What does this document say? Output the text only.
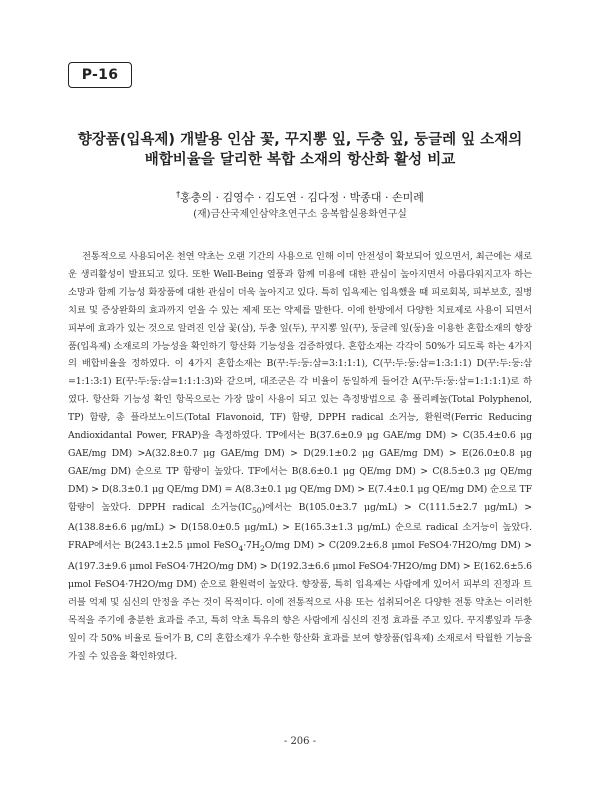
P-16
향장품(입욕제) 개발용 인삼 꽃, 꾸지뽕 잎, 두충 잎, 둥글레 잎 소재의
배합비율을 달리한 복합 소재의 항산화 활성 비교
†홍충의 · 김영수 · 김도연 · 김다정 · 박종대 · 손미례
(재)금산국제인삼약초연구소 응복합실용화연구실
전통적으로 사용되어온 천연 약초는 오랜 기간의 사용으로 인해 이미 안전성이 확보되어 있으면서, 최근에는 새로운 생리활성이 발표되고 있다. 또한 Well-Being 열풍과 함께 미용에 대한 관심이 높아지면서 아름다워지고자 하는 소망과 함께 기능성 화장품에 대한 관심이 더욱 높아지고 있다. 특히 입욕제는 입욕했을 때 피로회복, 피부보호, 질병 치료 및 증상완화의 효과까지 얻을 수 있는 제제 또는 약제를 말한다. 이에 한방에서 다양한 치료제로 사용이 되면서 피부에 효과가 있는 것으로 알려진 인삼 꽃(삼), 두충 잎(두), 꾸지뽕 잎(꾸), 둥글레 잎(둥)을 이용한 혼합소재의 향장품(입욕제) 소재로의 가능성을 확인하기 항산화 기능성을 검증하였다. 혼합소재는 각각이 50%가 되도록 하는 4가지의 배합비율을 정하였다. 이 4가지 혼합소재는 B(꾸:두:둥:삼=3:1:1:1), C(꾸:두:둥:삼=1:3:1:1) D(꾸:두:둥:삼=1:1:3:1) E(꾸:두:둥:삼=1:1:1:3)와 같으며, 대조군은 각 비율이 동일하게 들어간 A(꾸:두:둥:삼=1:1:1:1)로 하였다. 항산화 기능성 확인 항목으로는 가장 많이 사용이 되고 있는 측정방법으로 총 폴리페놀(Total Polyphenol, TP) 함량, 총 플라보노이드(Total Flavonoid, TF) 함량, DPPH radical 소거능, 환원력(Ferric Reducing Andioxidantal Power, FRAP)을 측정하였다. TP에서는 B(37.6±0.9 μg GAE/mg DM) > C(35.4±0.6 μg GAE/mg DM) >A(32.8±0.7 μg GAE/mg DM) > D(29.1±0.2 μg GAE/mg DM) > E(26.0±0.8 μg GAE/mg DM) 순으로 TP 함량이 높았다. TF에서는 B(8.6±0.1 μg QE/mg DM) > C(8.5±0.3 μg QE/mg DM) > D(8.3±0.1 μg QE/mg DM) = A(8.3±0.1 μg QE/mg DM) > E(7.4±0.1 μg QE/mg DM) 순으로 TF 함량이 높았다. DPPH radical 소거능$(IC_{50})$에서는 B(105.0±3.7 μg/mL) > C(111.5±2.7 μg/mL) > A(138.8±6.6 μg/mL) > D(158.0±0.5 μg/mL) > E(165.3±1.3 μg/mL) 순으로 radical 소거능이 높았다. FRAP에서는 B(243.1±2.5 μmol $FeSO_4\cdot 7H_2O/mg$ DM) > C(209.2±6.8 μmol FeSO4·7H2O/mg DM) > A(197.3±9.6 μmol FeSO4·7H2O/mg DM) > D(192.3±6.6 μmol FeSO4·7H2O/mg DM) > E(162.6±5.6 μmol FeSO4·7H2O/mg DM) 순으로 환원력이 높았다. 향장품, 특히 입욕제는 사람에게 있어서 피부의 진정과 트러블 억제 및 심신의 안정을 주는 것이 목적이다. 이에 전통적으로 사용 또는 섭취되어온 다양한 전통 약초는 이러한 목적을 주기에 충분한 효과를 주고, 특히 약초 특유의 향은 사람에게 심신의 진정 효과를 주고 있다. 꾸지뽕잎과 두충잎이 각 50% 비율로 들어가 B, C의 혼합소재가 우수한 항산화 효과를 보여 향장품(입욕제) 소재로서 탁월한 기능을 가질 수 있음을 확인하였다.
- 206 -
